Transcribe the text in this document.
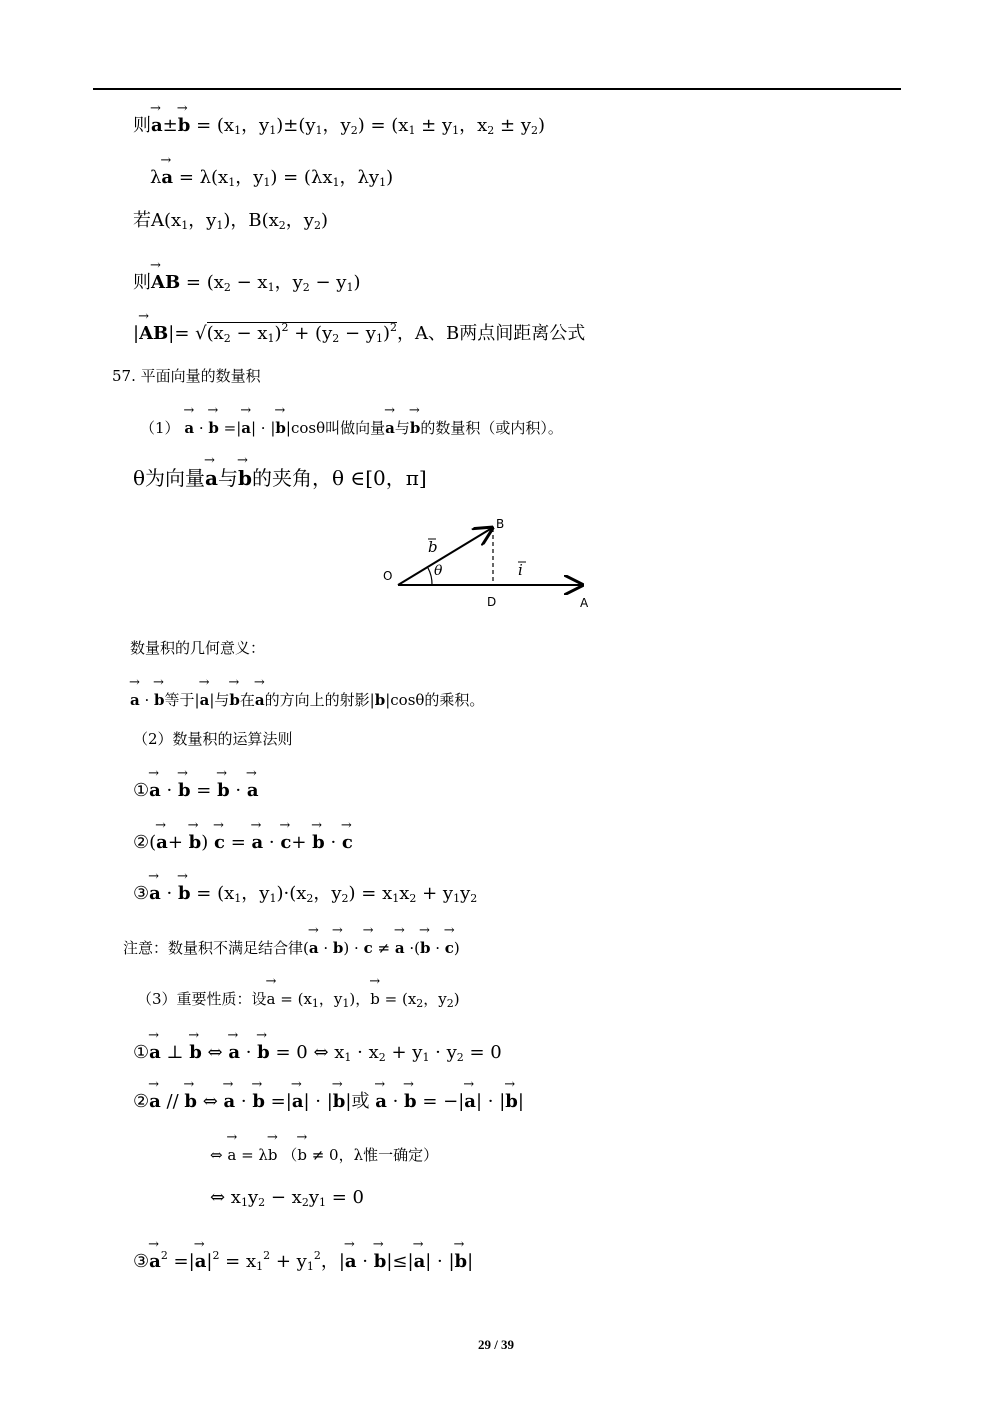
则→ $a\pm\to b = (x_1$，$y_1)\pm(y_1$，$y_2) = (x_1 \pm y_1$，$x_2 \pm y_2$)
$\lambda\to a = \lambda(x_1$，$y_1) = (\lambda x_1$，$\lambda y_1$)
若$A(x_1$，$y_1$)，$B(x_2$，$y_2$)
则→ AB = ($x_2 - x_1$，$y_2 - y_1$)
|→ $AB|= √(x_2 - x_1)^2 + (y_2 - y_1)^2$，A、B两点间距离公式
57. 平面向量的数量积
（1） → a · → b =|→ a| · |→ b|cosθ叫做向量→ a与→ b的数量积（或内积）。
θ为向量→ a与→ b的夹角，θ ∈[0，π]
O
A
B
D
θ
b
i
数量积的几何意义：
→ a · → b等于|→ a|与→ b在→ a的方向上的射影|b|cosθ的乘积。
（2）数量积的运算法则
①→ a · → b = → b · → a
②(→ a+ → b) → c = → a · → c+ → b · → c
③→ a · → $b = (x_1$，$y_1)\cdot(x_2$，$y_2) = x_1x_2 + y_1y_2$
注意：数量积不满足结合律(→ a · → b) · → c ≠ → a ·(→ b · → c)
（3）重要性质：设→ $a = (x_1$，$y_1$)，→ $b = (x_2$，$y_2$)
①→ a ⊥ → b ⇔ → a · → b = 0 ⇔ $x_1 \cdot x_2 + y_1 \cdot y_2 = 0$
②→ a // → b ⇔ → a · → b =|→ a| · |→ b|或 → a · → b = −|→ a| · |→ b|
⇔ → a = λ→ b （→ b ≠ 0，λ惟一确定）
⇔ $x_1y_2 - x_2y_1 = 0$
③→ $a^2$ =|→ $a|^2 = x_1^2 + y_1^2$，|→ a · → b|≤|→ a| · |→ b|
29 / 39
